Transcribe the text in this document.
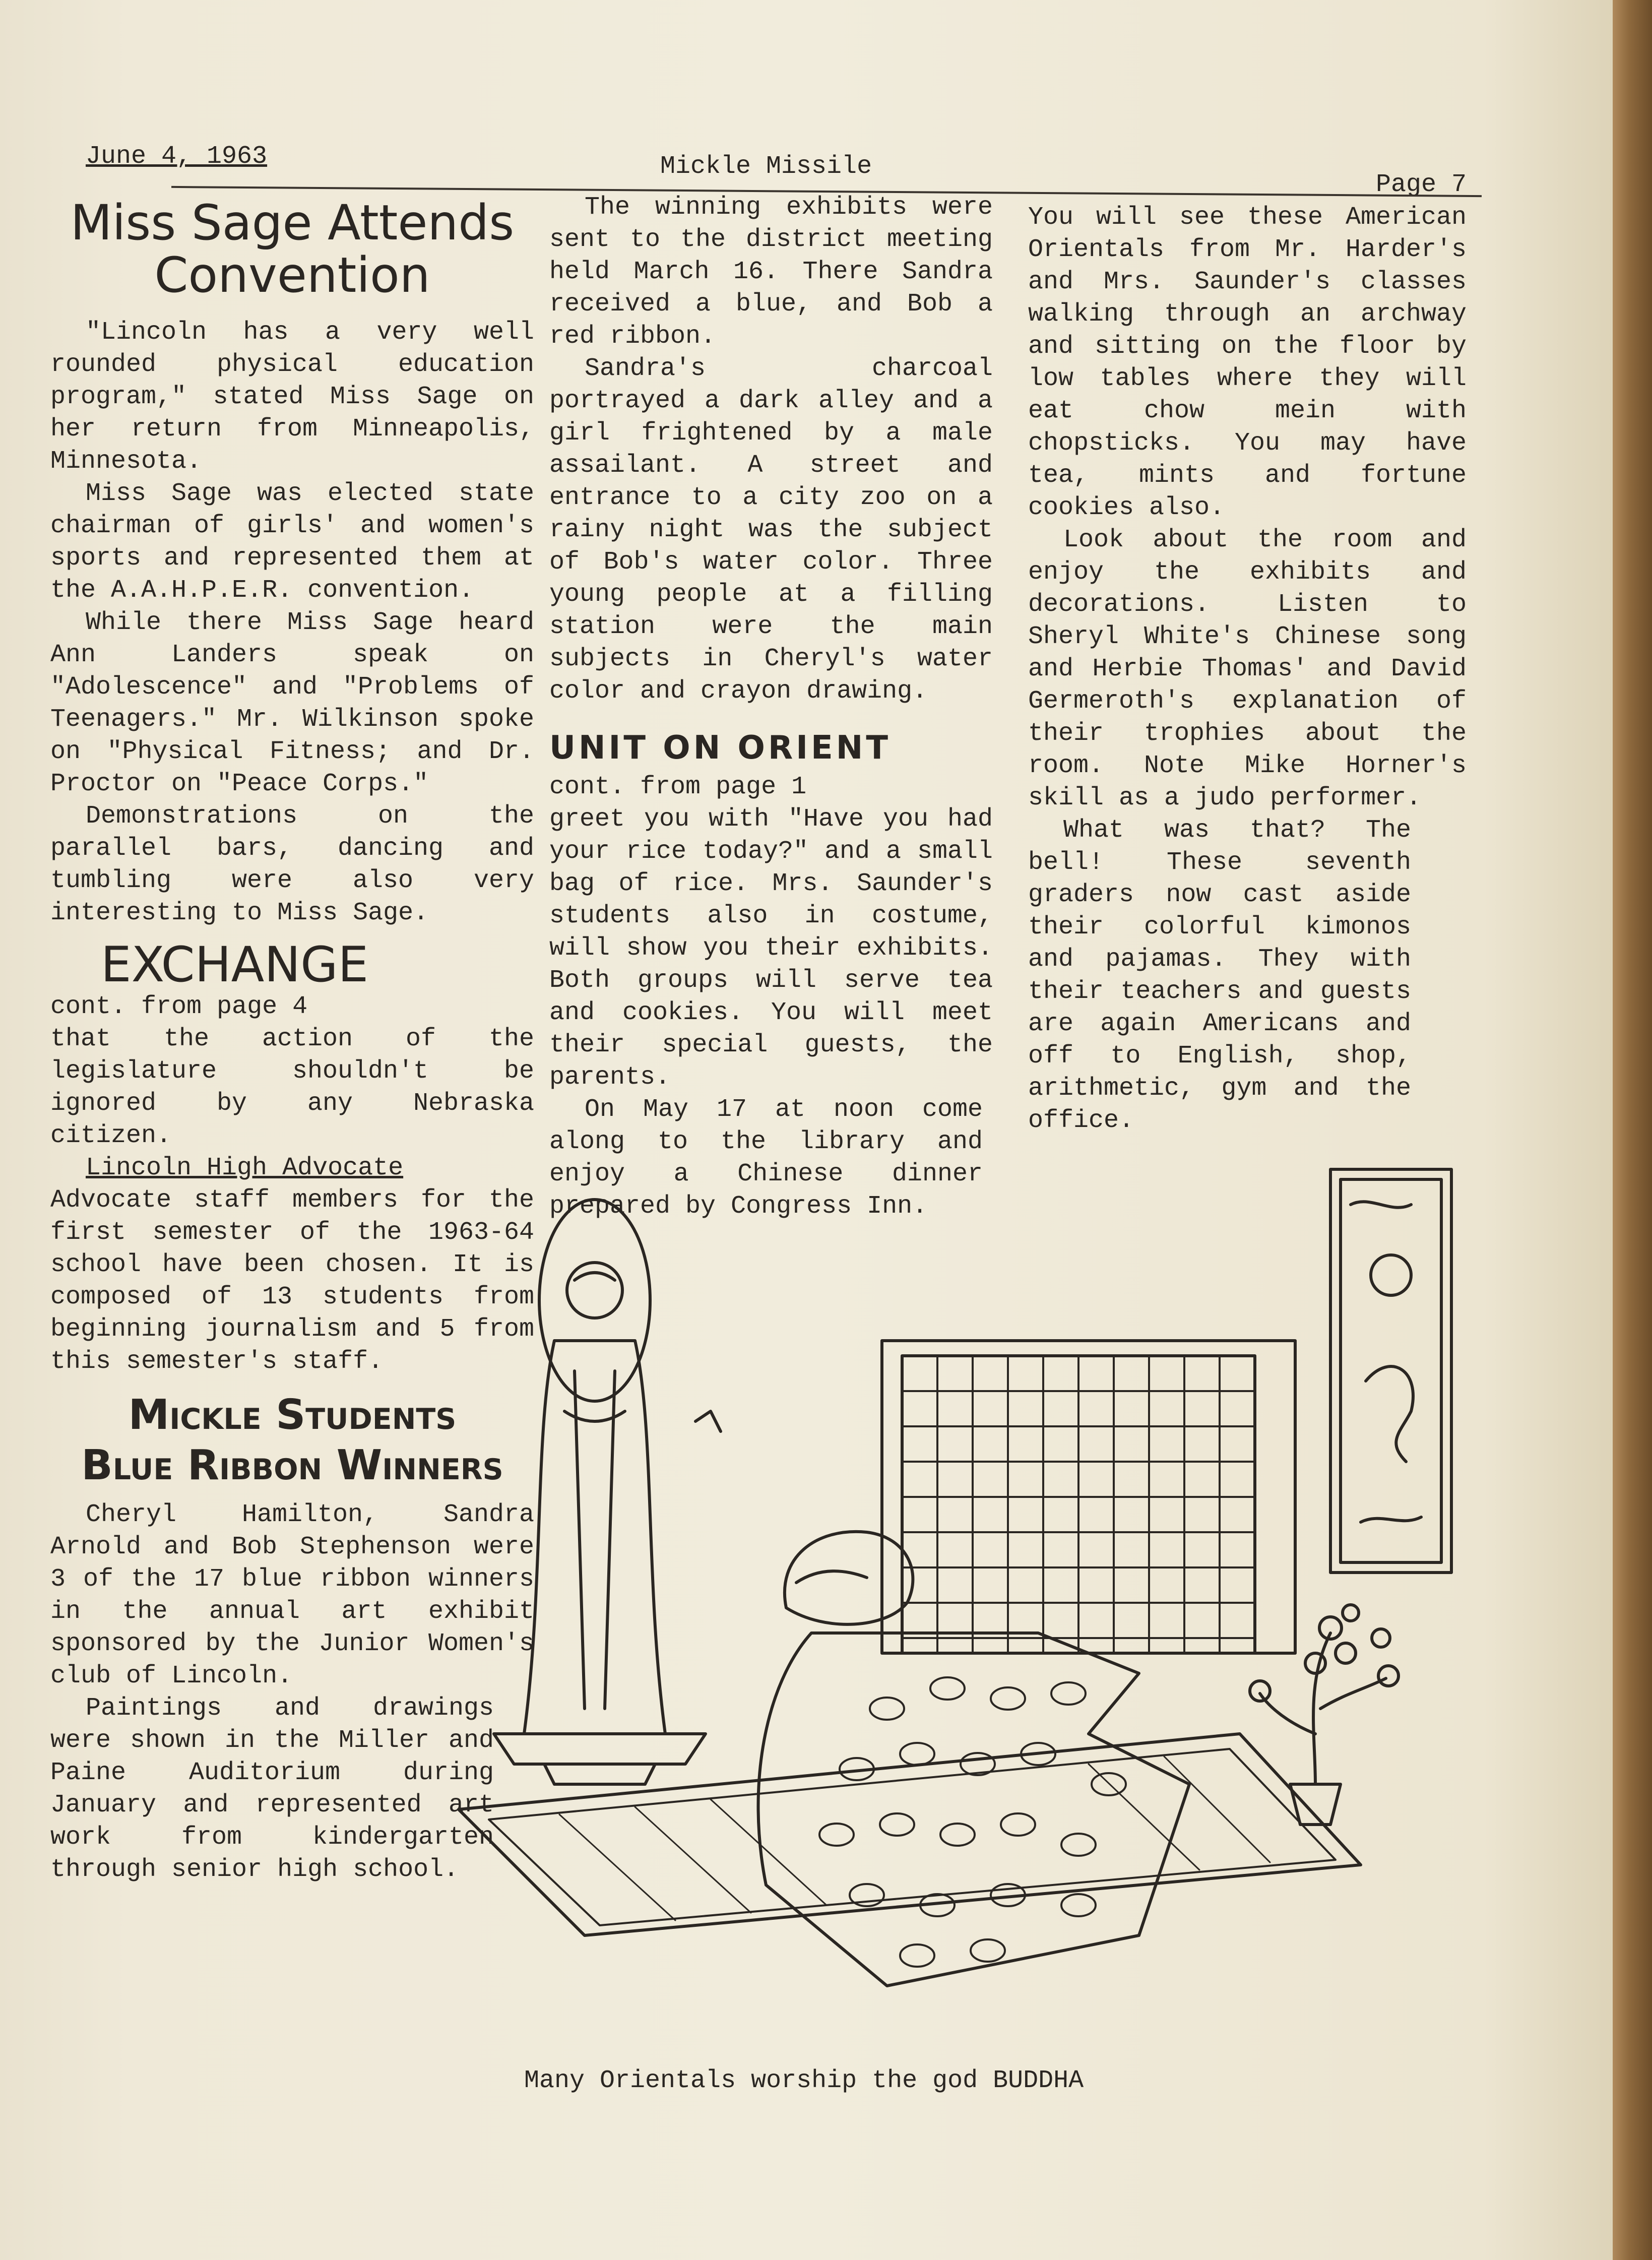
June 4, 1963	Mickle Missile
Page 7
Miss Sage Attends Convention

"Lincoln has a very well rounded physical education program," stated Miss Sage on her return from Minneapolis, Minnesota.

Miss Sage was elected state chairman of girls' and women's sports and represented them at the A.A.H.P.E.R. convention.

While there Miss Sage heard Ann Landers speak on "Adolescence" and "Problems of Teenagers." Mr. Wilkinson spoke on "Physical Fitness; and Dr. Proctor on "Peace Corps."

Demonstrations on the parallel bars, dancing and tumbling were also very interesting to Miss Sage.

EXCHANGE

cont. from page 4

that the action of the legislature shouldn't be ignored by any Nebraska citizen.

Lincoln High Advocate

Advocate staff members for the first semester of the 1963-64 school have been chosen. It is composed of 13 students from beginning journalism and 5 from this semester's staff.

Mickle Students
Blue Ribbon Winners

Cheryl Hamilton, Sandra Arnold and Bob Stephenson were 3 of the 17 blue ribbon winners in the annual art exhibit sponsored by the Junior Women's club of Lincoln.

Paintings and drawings were shown in the Miller and Paine Auditorium during January and represented art work from kindergarten through senior high school.

The winning exhibits were sent to the district meeting held March 16. There Sandra received a blue, and Bob a red ribbon.

Sandra's charcoal portrayed a dark alley and a girl frightened by a male assailant. A street and entrance to a city zoo on a rainy night was the subject of Bob's water color. Three young people at a filling station were the main subjects in Cheryl's water color and crayon drawing.

UNIT ON ORIENT

cont. from page 1

greet you with "Have you had your rice today?" and a small bag of rice. Mrs. Saunder's students also in costume, will show you their exhibits. Both groups will serve tea and cookies. You will meet their special guests, the parents.

On May 17 at noon come along to the library and enjoy a Chinese dinner prepared by Congress Inn.

You will see these American Orientals from Mr. Harder's and Mrs. Saunder's classes walking through an archway and sitting on the floor by low tables where they will eat chow mein with chopsticks. You may have tea, mints and fortune cookies also.

Look about the room and enjoy the exhibits and decorations. Listen to Sheryl White's Chinese song and Herbie Thomas' and David Germeroth's explanation of their trophies about the room. Note Mike Horner's skill as a judo performer.

What was that? The bell! These seventh graders now cast aside their colorful kimonos and pajamas. They with their teachers and guests are again Americans and off to English, shop, arithmetic, gym and the office.

Many Orientals worship the god BUDDHA
